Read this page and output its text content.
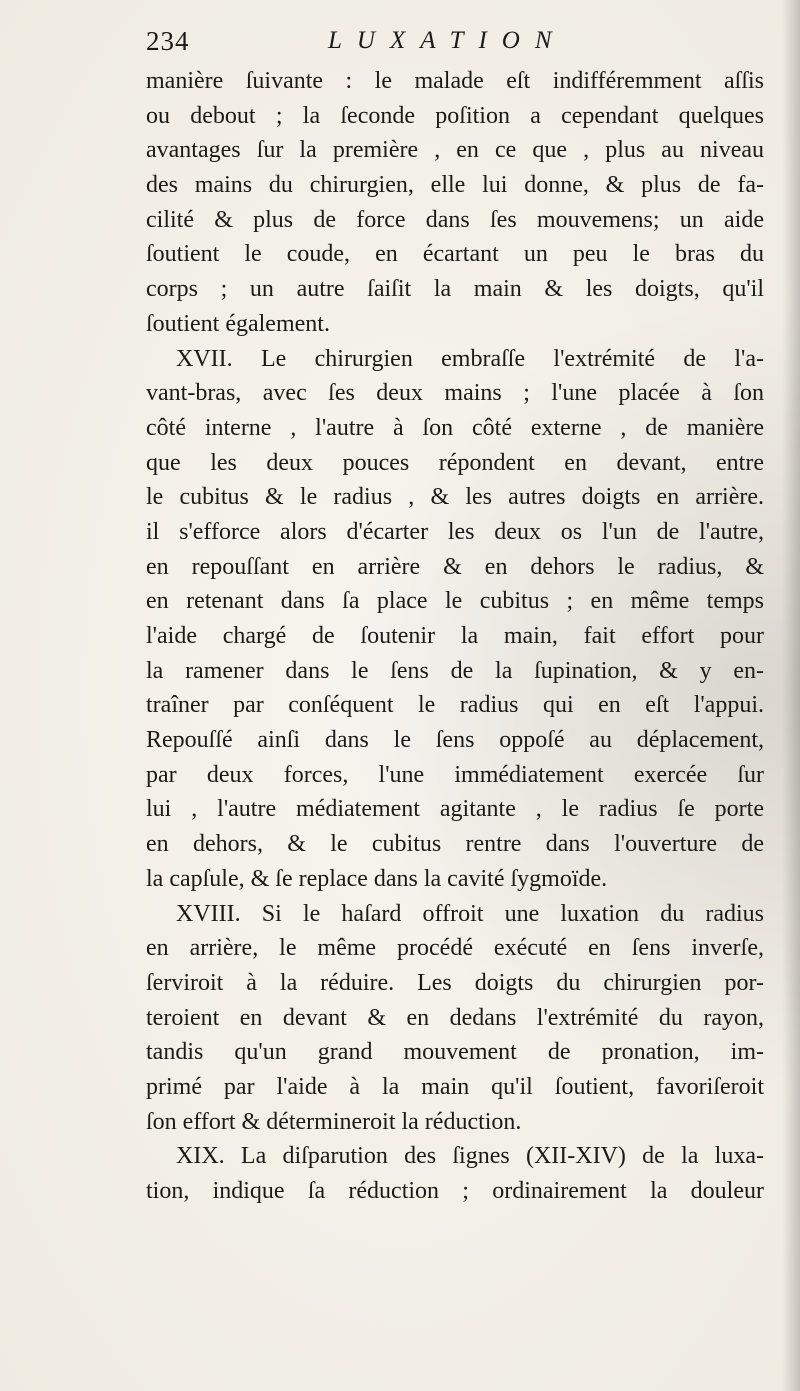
234	LUXATION
manière ſuivante : le malade eſt indifféremment aſſis
ou debout ; la ſeconde poſition a cependant quelques
avantages ſur la première , en ce que , plus au niveau
des mains du chirurgien, elle lui donne, & plus de fa-
cilité & plus de force dans ſes mouvemens; un aide
ſoutient le coude, en écartant un peu le bras du
corps ; un autre ſaiſit la main & les doigts, qu'il
ſoutient également.
XVII. Le chirurgien embraſſe l'extrémité de l'a-
vant-bras, avec ſes deux mains ; l'une placée à ſon
côté interne , l'autre à ſon côté externe , de manière
que les deux pouces répondent en devant, entre
le cubitus & le radius , & les autres doigts en arrière.
il s'efforce alors d'écarter les deux os l'un de l'autre,
en repouſſant en arrière & en dehors le radius, &
en retenant dans ſa place le cubitus ; en même temps
l'aide chargé de ſoutenir la main, fait effort pour
la ramener dans le ſens de la ſupination, & y en-
traîner par conſéquent le radius qui en eſt l'appui.
Repouſſé ainſi dans le ſens oppoſé au déplacement,
par deux forces, l'une immédiatement exercée ſur
lui , l'autre médiatement agitante , le radius ſe porte
en dehors, & le cubitus rentre dans l'ouverture de
la capſule, & ſe replace dans la cavité ſygmoïde.
XVIII. Si le haſard offroit une luxation du radius
en arrière, le même procédé exécuté en ſens inverſe,
ſerviroit à la réduire. Les doigts du chirurgien por-
teroient en devant & en dedans l'extrémité du rayon,
tandis qu'un grand mouvement de pronation, im-
primé par l'aide à la main qu'il ſoutient, favoriſeroit
ſon effort & détermineroit la réduction.
XIX. La diſparution des ſignes (XII-XIV) de la luxa-
tion, indique ſa réduction ; ordinairement la douleur
